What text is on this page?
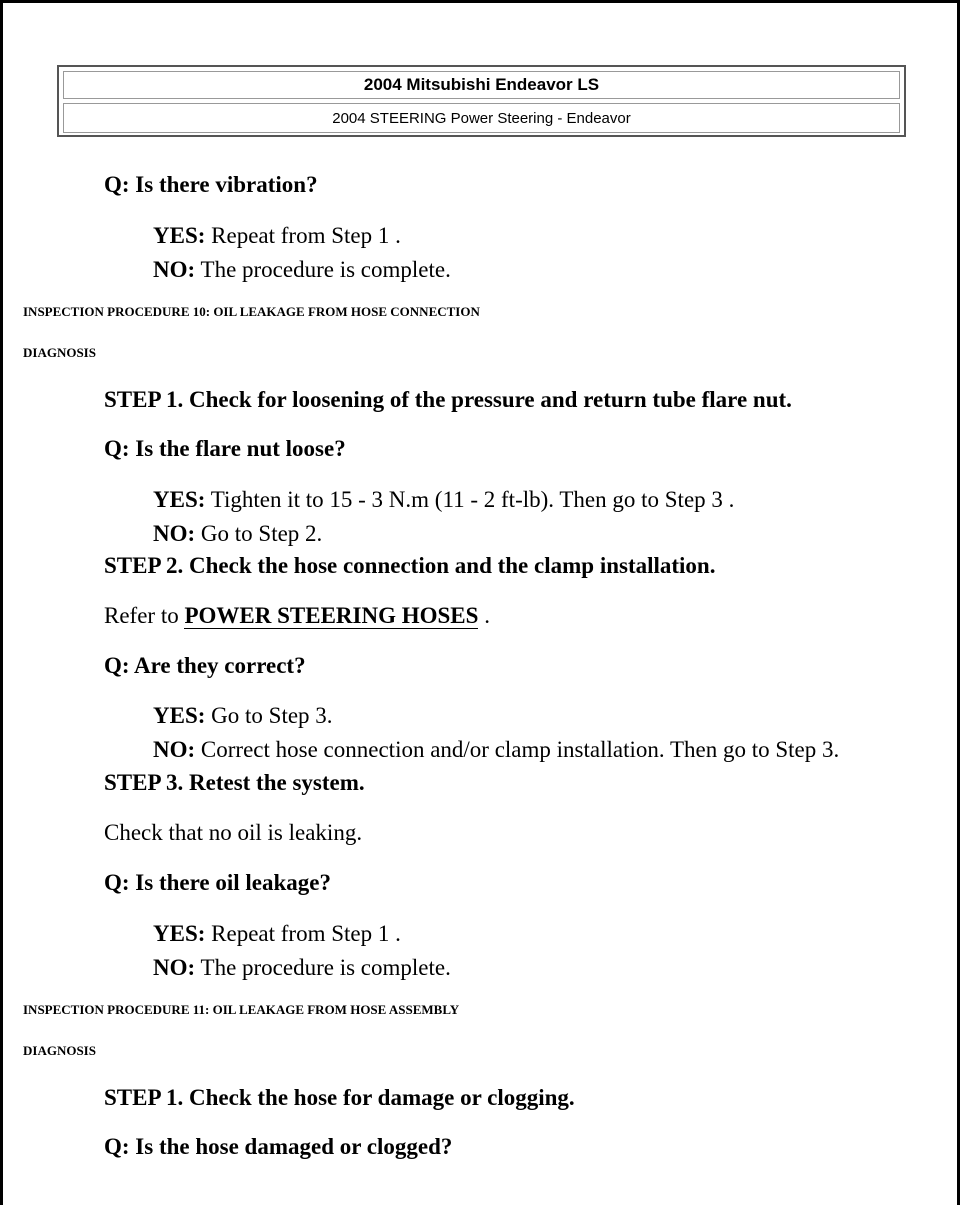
2004 Mitsubishi Endeavor LS
2004 STEERING Power Steering - Endeavor
Q: Is there vibration?
YES: Repeat from Step 1 .
NO: The procedure is complete.
INSPECTION PROCEDURE 10: OIL LEAKAGE FROM HOSE CONNECTION
DIAGNOSIS
STEP 1. Check for loosening of the pressure and return tube flare nut.
Q: Is the flare nut loose?
YES: Tighten it to 15 - 3 N.m (11 - 2 ft-lb). Then go to Step 3 .
NO: Go to Step 2.
STEP 2. Check the hose connection and the clamp installation.
Refer to POWER STEERING HOSES .
Q: Are they correct?
YES: Go to Step 3.
NO: Correct hose connection and/or clamp installation. Then go to Step 3.
STEP 3. Retest the system.
Check that no oil is leaking.
Q: Is there oil leakage?
YES: Repeat from Step 1 .
NO: The procedure is complete.
INSPECTION PROCEDURE 11: OIL LEAKAGE FROM HOSE ASSEMBLY
DIAGNOSIS
STEP 1. Check the hose for damage or clogging.
Q: Is the hose damaged or clogged?
